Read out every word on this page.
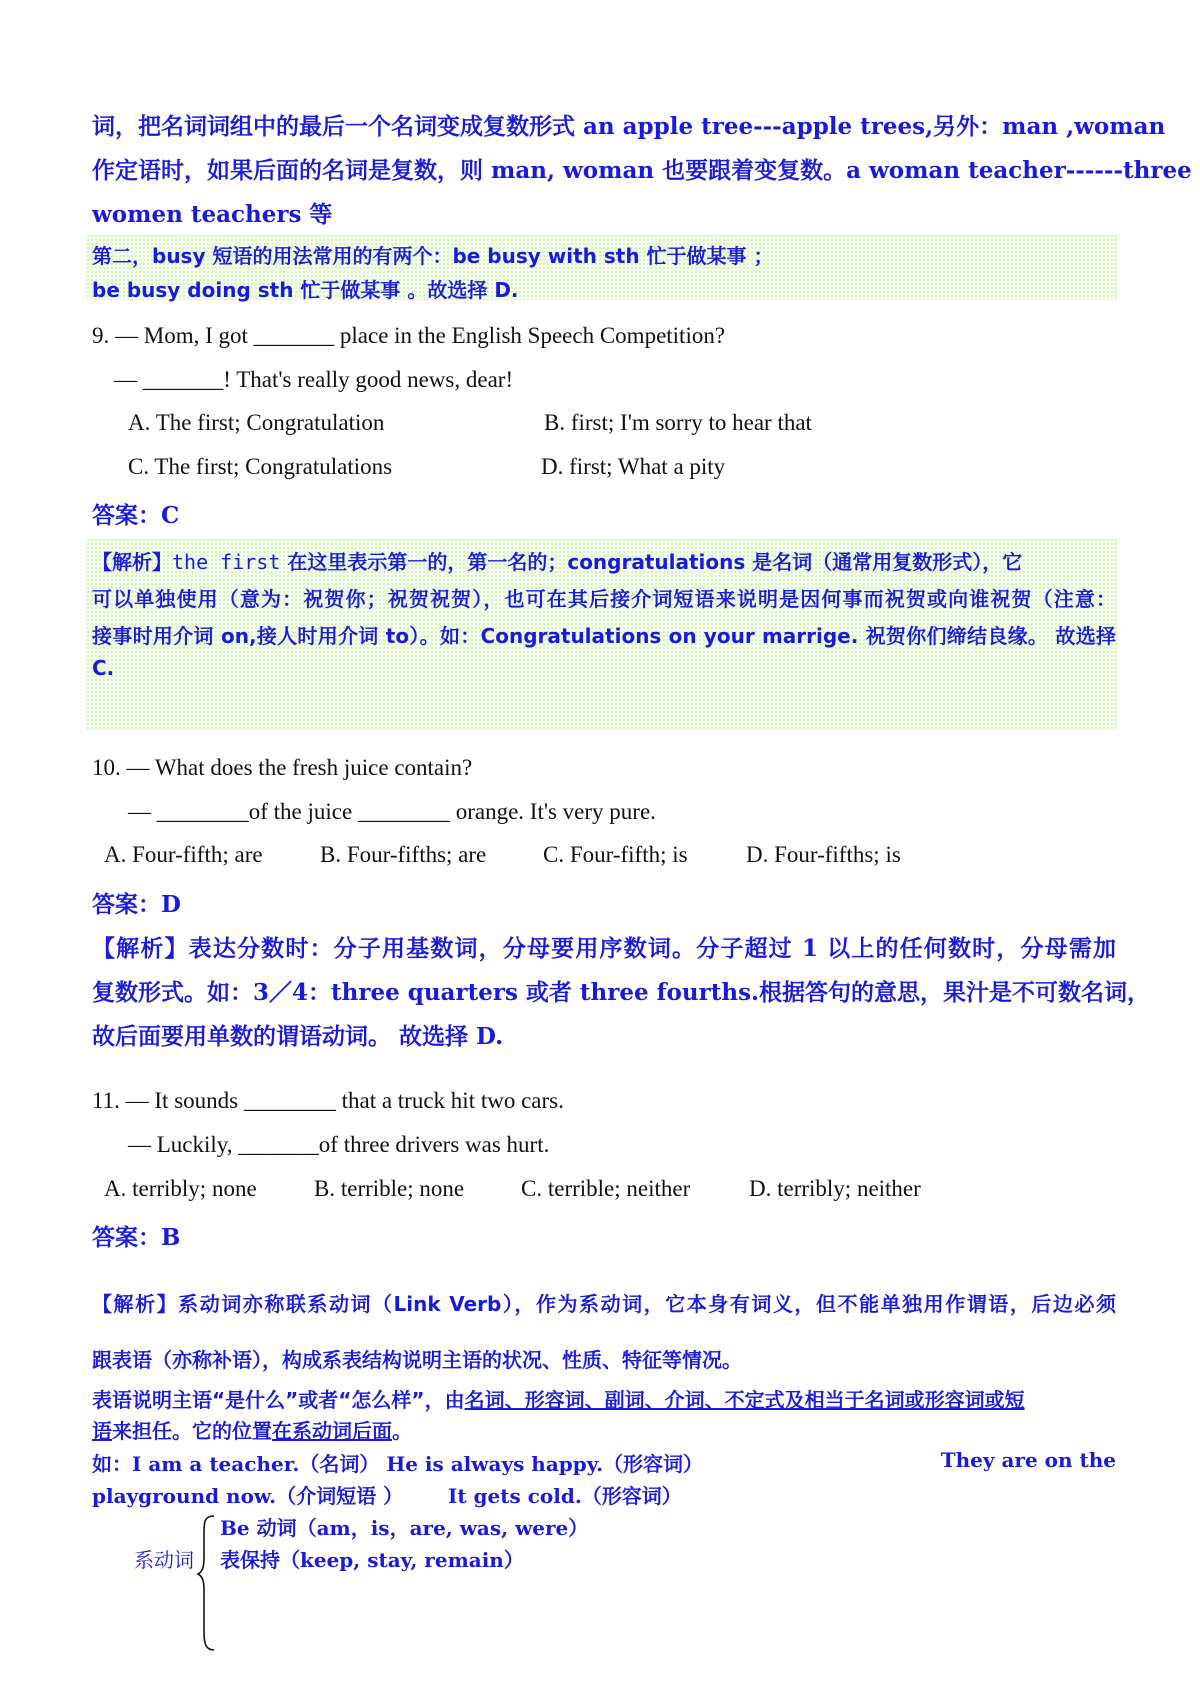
词，把名词词组中的最后一个名词变成复数形式 an apple tree---apple trees,另外：man ,woman
作定语时，如果后面的名词是复数，则 man, woman 也要跟着变复数。a woman teacher------three
women teachers 等
第二，busy 短语的用法常用的有两个：be busy with sth 忙于做某事 ；
be busy doing sth 忙于做某事 。故选择 D.
9. — Mom, I got _______ place in the English Speech Competition?
— _______! That's really good news, dear!
A. The first; Congratulation	B. first; I'm sorry to hear that
C. The first; Congratulations	D. first; What a pity
答案：C
【解析】the first 在这里表示第一的，第一名的；congratulations 是名词（通常用复数形式），它
可以单独使用（意为：祝贺你；祝贺祝贺），也可在其后接介词短语来说明是因何事而祝贺或向谁祝贺（注意：
接事时用介词 on,接人时用介词 to）。如：Congratulations on your marrige. 祝贺你们缔结良缘。 故选择
C.
10. — What does the fresh juice contain?
— ________of the juice ________ orange. It's very pure.
A. Four-fifth; are B. Four-fifths; are C. Four-fifth; is	D. Four-fifths; is
答案：D
【解析】表达分数时：分子用基数词，分母要用序数词。分子超过 1 以上的任何数时，分母需加
复数形式。如：3／4：three quarters 或者 three fourths.根据答句的意思，果汁是不可数名词，
故后面要用单数的谓语动词。 故选择 D.
11. — It sounds ________ that a truck hit two cars.
— Luckily, _______of three drivers was hurt.
A. terribly; none B. terrible; none C. terrible; neither	D. terribly; neither
答案：B
【解析】系动词亦称联系动词（Link Verb），作为系动词，它本身有词义，但不能单独用作谓语，后边必须
跟表语（亦称补语），构成系表结构说明主语的状况、性质、特征等情况。
表语说明主语“是什么”或者“怎么样”，由名词、形容词、副词、介词、不定式及相当于名词或形容词或短
语来担任。它的位置在系动词后面。
如：I am a teacher.（名词） He is always happy.（形容词）	They are on the
playground now.（介词短语 ） It gets cold.（形容词）
系动词
Be 动词（am，is，are, was, were）
表保持（keep, stay, remain）
